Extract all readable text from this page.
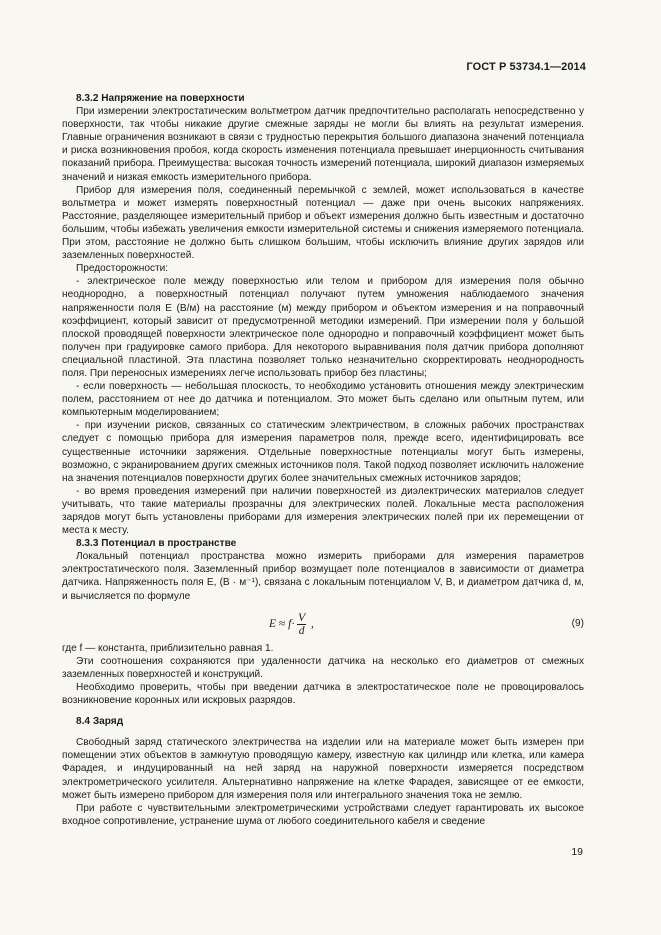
ГОСТ Р 53734.1—2014

8.3.2 Напряжение на поверхности

При измерении электростатическим вольтметром датчик предпочтительно располагать непосредственно у поверхности, так чтобы никакие другие смежные заряды не могли бы влиять на результат измерения. Главные ограничения возникают в связи с трудностью перекрытия большого диапазона значений потенциала и риска возникновения пробоя, когда скорость изменения потенциала превышает инерционность считывания показаний прибора. Преимущества: высокая точность измерений потенциала, широкий диапазон измеряемых значений и низкая емкость измерительного прибора.

Прибор для измерения поля, соединенный перемычкой с землей, может использоваться в качестве вольтметра и может измерять поверхностный потенциал — даже при очень высоких напряжениях. Расстояние, разделяющее измерительный прибор и объект измерения должно быть известным и достаточно большим, чтобы избежать увеличения емкости измерительной системы и снижения измеряемого потенциала. При этом, расстояние не должно быть слишком большим, чтобы исключить влияние других зарядов или заземленных поверхностей.

Предосторожности:

- электрическое поле между поверхностью или телом и прибором для измерения поля обычно неоднородно, а поверхностный потенциал получают путем умножения наблюдаемого значения напряженности поля E (В/м) на расстояние (м) между прибором и объектом измерения и на поправочный коэффициент, который зависит от предусмотренной методики измерений. При измерении поля у большой плоской проводящей поверхности электрическое поле однородно и поправочный коэффициент может быть получен при градуировке самого прибора. Для некоторого выравнивания поля датчик прибора дополняют специальной пластиной. Эта пластина позволяет только незначительно скорректировать неоднородность поля. При переносных измерениях легче использовать прибор без пластины;

- если поверхность — небольшая плоскость, то необходимо установить отношения между электрическим полем, расстоянием от нее до датчика и потенциалом. Это может быть сделано или опытным путем, или компьютерным моделированием;

- при изучении рисков, связанных со статическим электричеством, в сложных рабочих пространствах следует с помощью прибора для измерения параметров поля, прежде всего, идентифицировать все существенные источники заряжения. Отдельные поверхностные потенциалы могут быть измерены, возможно, с экранированием других смежных источников поля. Такой подход позволяет исключить наложение на значения потенциалов поверхности других более значительных смежных источников зарядов;

- во время проведения измерений при наличии поверхностей из диэлектрических материалов следует учитывать, что такие материалы прозрачны для электрических полей. Локальные места расположения зарядов могут быть установлены приборами для измерения электрических полей при их перемещении от места к месту.

8.3.3 Потенциал в пространстве

Локальный потенциал пространства можно измерить приборами для измерения параметров электростатического поля. Заземленный прибор возмущает поле потенциалов в зависимости от диаметра датчика. Напряженность поля E, (В · м⁻¹), связана с локальным потенциалом V, В, и диаметром датчика d, м, и вычисляется по формуле

$E \approx f\cdot \frac{V}{d}$ ,	(9)

где f — константа, приблизительно равная 1.

Эти соотношения сохраняются при удаленности датчика на несколько его диаметров от смежных заземленных поверхностей и конструкций.

Необходимо проверить, чтобы при введении датчика в электростатическое поле не провоцировалось возникновение коронных или искровых разрядов.

8.4 Заряд

Свободный заряд статического электричества на изделии или на материале может быть измерен при помещении этих объектов в замкнутую проводящую камеру, известную как цилиндр или клетка, или камера Фарадея, и индуцированный на ней заряд на наружной поверхности измеряется посредством электрометрического усилителя. Альтернативно напряжение на клетке Фарадея, зависящее от ее емкости, может быть измерено прибором для измерения поля или интегрального значения тока не землю.

При работе с чувствительными электрометрическими устройствами следует гарантировать их высокое входное сопротивление, устранение шума от любого соединительного кабеля и сведение

19
